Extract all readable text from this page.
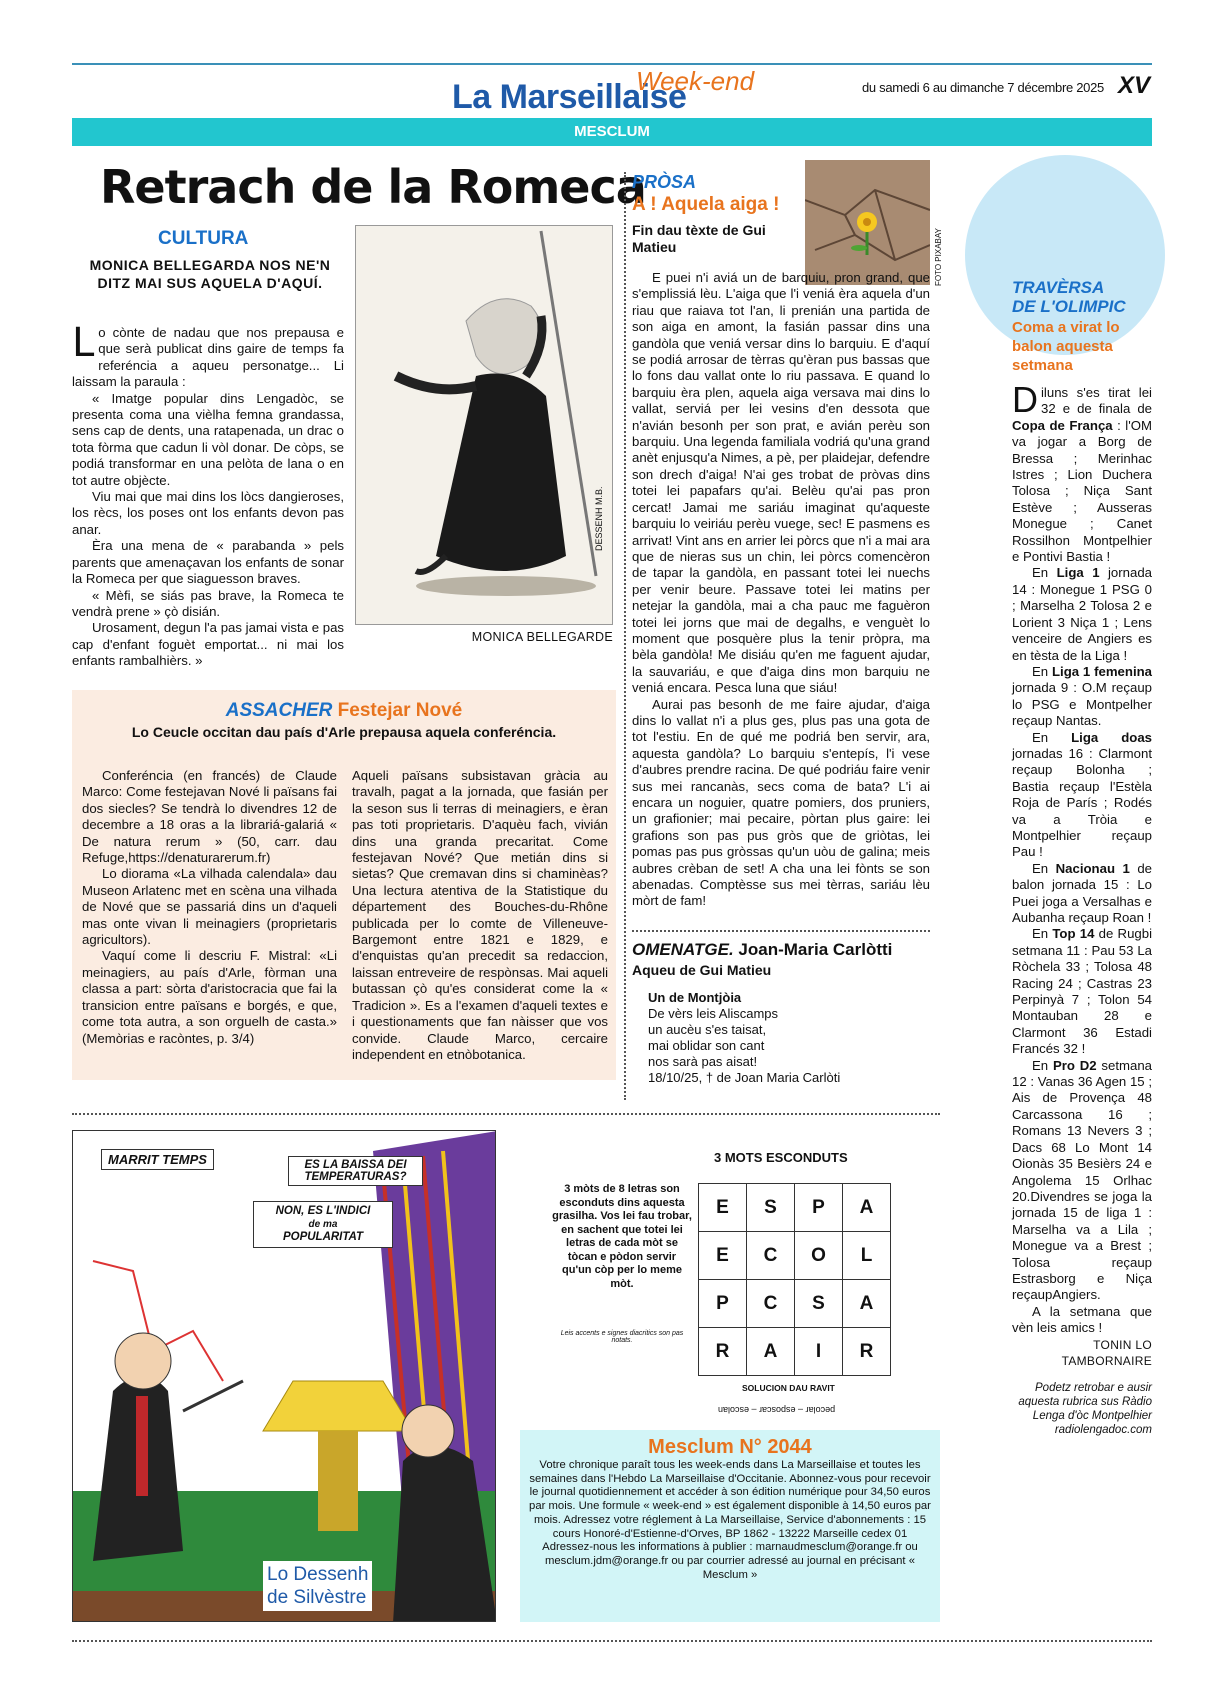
La Marseillaise
Week-end	du samedi 6 au dimanche 7 décembre 2025 XV
MESCLUM
Retrach de la Romeca
CULTURA
MONICA BELLEGARDA NOS NE'N DITZ MAI SUS AQUELA D'AQUÍ.

Lo cònte de nadau que nos prepausa e que serà publicat dins gaire de temps fa referéncia a aqueu personatge... Li laissam la paraula :

« Imatge popular dins Lengadòc, se presenta coma una vièlha femna grandassa, sens cap de dents, una ratapenada, un drac o tota fòrma que cadun li vòl donar. De còps, se podiá transformar en una pelòta de lana o en tot autre objècte.

Viu mai que mai dins los lòcs dangieroses, los rècs, los poses ont los enfants devon pas anar.

Èra una mena de « parabanda » pels parents que amenaçavan los enfants de sonar la Romeca per que siaguesson braves.

« Mèfi, se siás pas brave, la Romeca te vendrà prene » çò disián.

Urosament, degun l'a pas jamai vista e pas cap d'enfant foguèt emportat... ni mai los enfants rambalhièrs. »

DESSENH M.B.
MONICA BELLEGARDE
ASSACHER Festejar Nové
Lo Ceucle occitan dau país d'Arle prepausa aquela conferéncia.

Conferéncia (en francés) de Claude Marco: Come festejavan Nové li païsans fai dos siecles? Se tendrà lo divendres 12 de decembre a 18 oras a la librariá-galariá « De natura rerum » (50, carr. dau Refuge,https://denaturarerum.fr)

Lo diorama «La vilhada calendala» dau Museon Arlatenc met en scèna una vilhada de Nové que se passariá dins un d'aqueli mas onte vivan li meinagiers (proprietaris agricultors).

Vaquí come li descriu F. Mistral: «Li meinagiers, au país d'Arle, fòrman una classa a part: sòrta d'aristocracia que fai la transicion entre païsans e borgés, e que, come tota autra, a son orguelh de casta.» (Memòrias e racòntes, p. 3/4)

Aqueli païsans subsistavan gràcia au travalh, pagat a la jornada, que fasián per la seson sus li terras di meinagiers, e èran pas toti proprietaris. D'aquèu fach, vivián dins una granda precaritat. Come festejavan Nové? Que metián dins si sietas? Que cremavan dins si chaminèas? Una lectura atentiva de la Statistique du département des Bouches-du-Rhône publicada per lo comte de Villeneuve-Bargemont entre 1821 e 1829, e d'enquistas qu'an precedit sa redaccion, laissan entreveire de respònsas. Mai aqueli butassan çò qu'es considerat come la « Tradicion ». Es a l'examen d'aqueli textes e i questionaments que fan nàisser que vos convide. Claude Marco, cercaire independent en etnòbotanica.

PRÒSA
A ! Aquela aiga !
Fin dau tèxte de Gui Matieu	FOTO PIXABAY

E puei n'i aviá un de barquiu, pron grand, que s'emplissiá lèu. L'aiga que l'i veniá èra aquela d'un riau que raiava tot l'an, li prenián una partida de son aiga en amont, la fasián passar dins una gandòla que veniá versar dins lo barquiu. E d'aquí se podiá arrosar de tèrras qu'èran pus bassas que lo fons dau vallat onte lo riu passava. E quand lo barquiu èra plen, aquela aiga versava mai dins lo vallat, serviá per lei vesins d'en dessota que n'avián besonh per son prat, e avián perèu son barquiu. Una legenda familiala vodriá qu'una grand anèt enjusqu'a Nimes, a pè, per plaidejar, defendre son drech d'aiga! N'ai ges trobat de pròvas dins totei lei papafars qu'ai. Belèu qu'ai pas pron cercat! Jamai me sariáu imaginat qu'aqueste barquiu lo veiriáu perèu vuege, sec! E pasmens es arrivat! Vint ans en arrier lei pòrcs que n'i a mai ara que de nieras sus un chin, lei pòrcs comencèron de tapar la gandòla, en passant totei lei nuechs per venir beure. Passave totei lei matins per netejar la gandòla, mai a cha pauc me faguèron totei lei jorns que mai de degalhs, e venguèt lo moment que posquère plus la tenir pròpra, ma bèla gandòla! Me disiáu qu'en me faguent ajudar, la sauvariáu, e que d'aiga dins mon barquiu ne veniá encara. Pesca luna que siáu!

Aurai pas besonh de me faire ajudar, d'aiga dins lo vallat n'i a plus ges, plus pas una gota de tot l'estiu. En de qué me podriá ben servir, ara, aquesta gandòla? Lo barquiu s'entepís, l'i vese d'aubres prendre racina. De qué podriáu faire venir sus mei rancanàs, secs coma de bata? L'i ai encara un noguier, quatre pomiers, dos pruniers, un grafionier; mai pecaire, pòrtan plus gaire: lei grafions son pas pus gròs que de griòtas, lei pomas pas pus gròssas qu'un uòu de galina; meis aubres crèban de set! A cha una lei fònts se son abenadas. Comptèsse sus mei tèrras, sariáu lèu mòrt de fam!

OMENATGE. Joan-Maria Carlòtti
Aqueu de Gui Matieu
Un de Montjòia
De vèrs leis Aliscamps
un aucèu s'es taisat,
mai oblidar son cant
nos sarà pas aisat!
18/10/25, † de Joan Maria Carlòti
TRAVÈRSA
DE L'OLIMPIC
Coma a virat lo balon aquesta setmana

Diluns s'es tirat lei 32 e de finala de Copa de França : l'OM va jogar a Borg de Bressa ; Merinhac Istres ; Lion Duchera Tolosa ; Niça Sant Estève ; Ausseras Monegue ; Canet Rossilhon Montpelhier e Pontivi Bastia !

En Liga 1 jornada 14 : Monegue 1 PSG 0 ; Marselha 2 Tolosa 2 e Lorient 3 Niça 1 ; Lens venceire de Angiers es en tèsta de la Liga !

En Liga 1 femenina jornada 9 : O.M reçaup lo PSG e Montpelher reçaup Nantas.

En Liga doas jornadas 16 : Clarmont reçaup Bolonha ; Bastia reçaup l'Estèla Roja de París ; Rodés va a Tròia e Montpelhier reçaup Pau !

En Nacionau 1 de balon jornada 15 : Lo Puei joga a Versalhas e Aubanha reçaup Roan !

En Top 14 de Rugbi setmana 11 : Pau 53 La Ròchela 33 ; Tolosa 48 Racing 24 ; Castras 23 Perpinyà 7 ; Tolon 54 Montauban 28 e Clarmont 36 Estadi Francés 32 !

En Pro D2 setmana 12 : Vanas 36 Agen 15 ; Ais de Provença 48 Carcassona 16 ; Romans 13 Nevers 3 ; Dacs 68 Lo Mont 14 Oionàs 35 Besièrs 24 e Angolema 15 Orlhac 20.Divendres se joga la jornada 15 de liga 1 : Marselha va a Lila ; Monegue va a Brest ; Tolosa reçaup Estrasborg e Niça reçaupAngiers.

A la setmana que vèn leis amics !

TONIN LO TAMBORNAIRE

Podetz retrobar e ausir aquesta rubrica sus Ràdio Lenga d'òc Montpelhier radiolengadoc.com

MARRIT TEMPS	ES LA BAISSA DEI TEMPERATURAS?
NON, ES L'INDICI
de ma
POPULARITAT
Lo Dessenh
de Silvèstre
3 MOTS ESCONDUTS
3 mòts de 8 letras son esconduts dins aquesta grasilha. Vos lei fau trobar, en sachent que totei lei letras de cada mòt se tòcan e pòdon servir qu'un còp per lo meme mòt.
Leis accents e signes diacritics son pas notats.
E	S	P	A
E	C	O	L
P	C	S	A
R	A	I	R
SOLUCION DAU RAVIT
pecolar – esposcar – escolan
Mesclum N° 2044
Votre chronique paraît tous les week-ends dans La Marseillaise et toutes les semaines dans l'Hebdo La Marseillaise d'Occitanie. Abonnez-vous pour recevoir le journal quotidiennement et accéder à son édition numérique pour 34,50 euros par mois. Une formule « week-end » est également disponible à 14,50 euros par mois. Adressez votre réglement à La Marseillaise, Service d'abonnements : 15 cours Honoré-d'Estienne-d'Orves, BP 1862 - 13222 Marseille cedex 01 Adressez-nous les informations à publier : marnaudmesclum@orange.fr ou mesclum.jdm@orange.fr ou par courrier adressé au journal en précisant « Mesclum »
